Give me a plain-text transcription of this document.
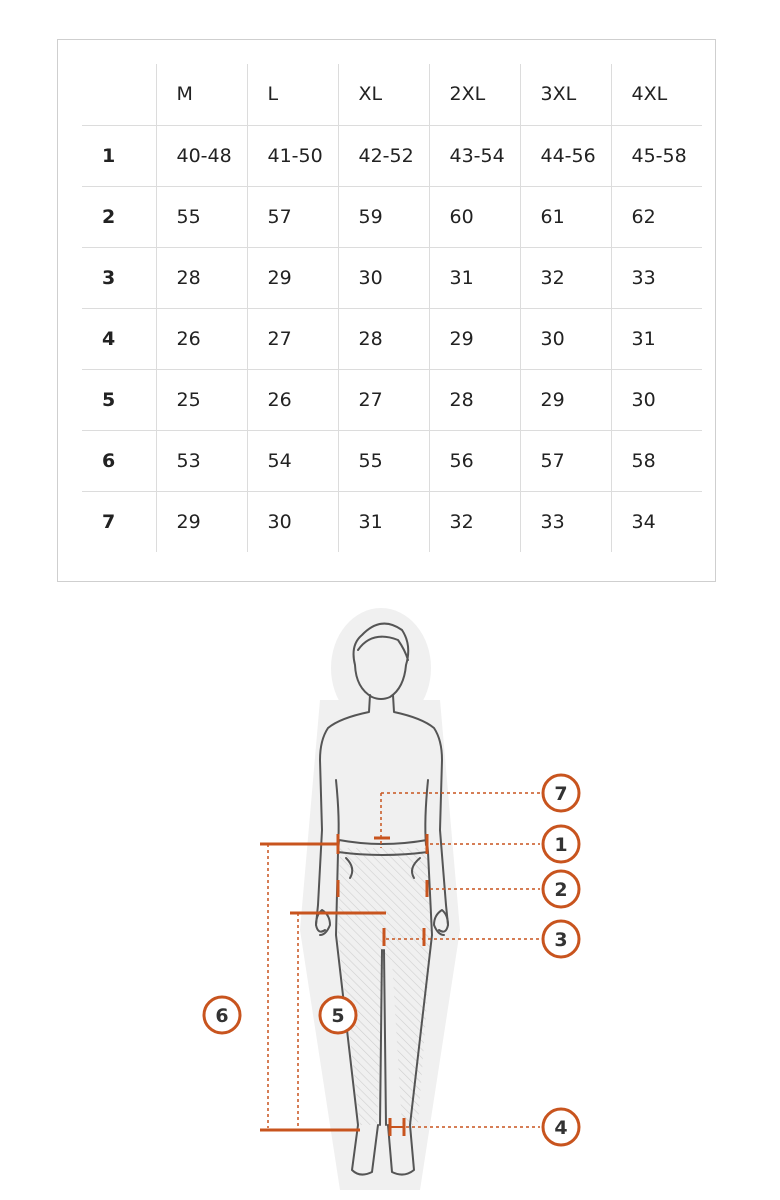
	M	L	XL	2XL	3XL	4XL
1	40-48	41-50	42-52	43-54	44-56	45-58
2	55	57	59	60	61	62
3	28	29	30	31	32	33
4	26	27	28	29	30	31
5	25	26	27	28	29	30
6	53	54	55	56	57	58
7	29	30	31	32	33	34
7
1
2
3
6	5
4
